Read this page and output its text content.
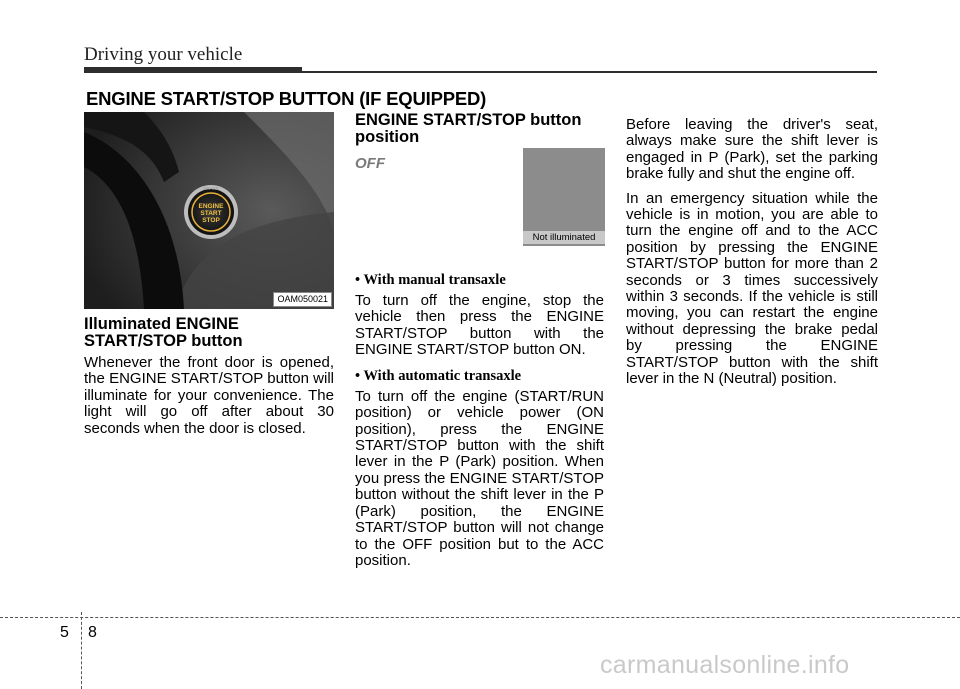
Driving your vehicle
ENGINE START/STOP BUTTON (IF EQUIPPED)
BRAKE
ENGINE
START
STOP
OAM050021
Illuminated ENGINE START/STOP button

Whenever the front door is opened, the ENGINE START/STOP button will illuminate for your convenience. The light will go off after about 30 seconds when the door is closed.

ENGINE START/STOP button position
OFF
• With manual transaxle

To turn off the engine, stop the vehicle then press the ENGINE START/STOP button with the ENGINE START/STOP button ON.

• With automatic transaxle

To turn off the engine (START/RUN position) or vehicle power (ON position), press the ENGINE START/STOP button with the shift lever in the P (Park) position. When you press the ENGINE START/STOP button without the shift lever in the P (Park) position, the ENGINE START/STOP button will not change to the OFF position but to the ACC position.

Not illuminated

Before leaving the driver's seat, always make sure the shift lever is engaged in P (Park), set the parking brake fully and shut the engine off.

In an emergency situation while the vehicle is in motion, you are able to turn the engine off and to the ACC position by pressing the ENGINE START/STOP button for more than 2 seconds or 3 times successively within 3 seconds. If the vehicle is still moving, you can restart the engine without depressing the brake pedal by pressing the ENGINE START/STOP button with the shift lever in the N (Neutral) position.

5 8
carmanualsonline.info
